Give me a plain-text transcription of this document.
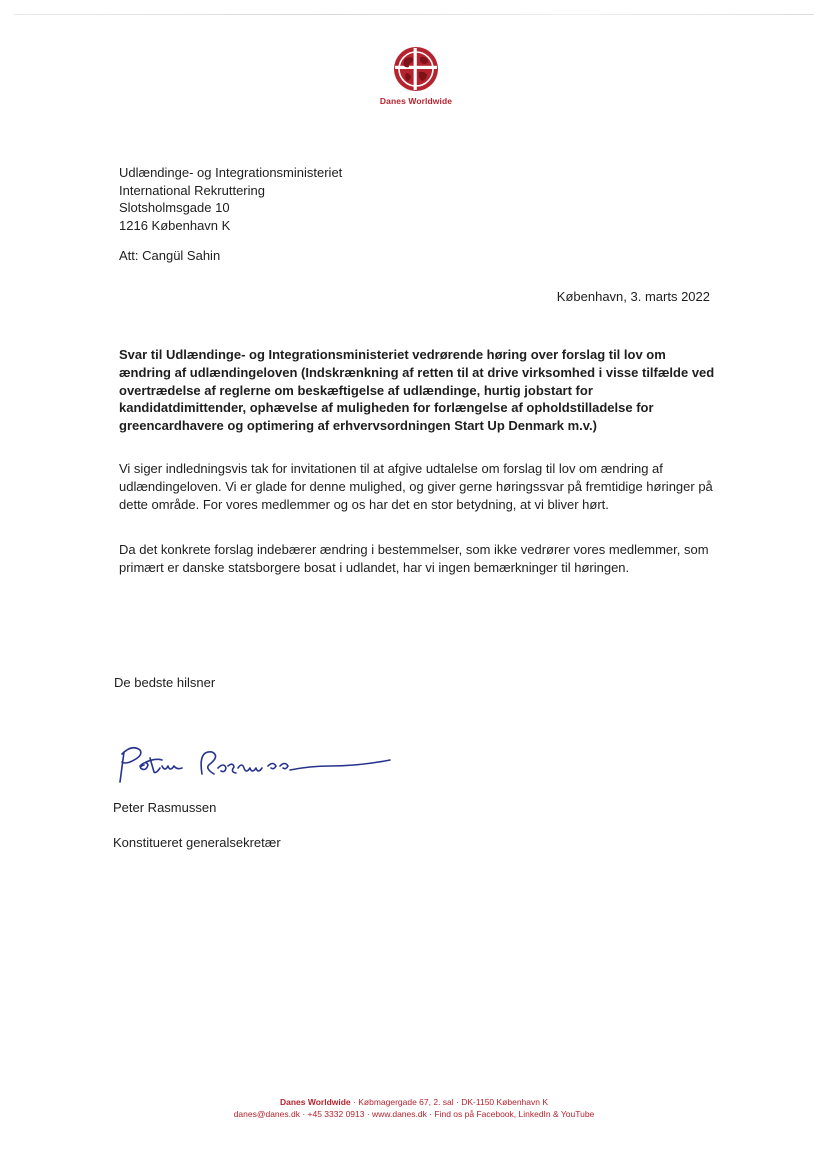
Danes Worldwide
Udlændinge- og Integrationsministeriet
International Rekruttering
Slotsholmsgade 10
1216 København K
Att: Cangül Sahin
København, 3. marts 2022
Svar til Udlændinge- og Integrationsministeriet vedrørende høring over forslag til lov om ændring af udlændingeloven (Indskrænkning af retten til at drive virksomhed i visse tilfælde ved overtrædelse af reglerne om beskæftigelse af udlændinge, hurtig jobstart for kandidatdimittender, ophævelse af muligheden for forlængelse af opholdstilladelse for greencardhavere og optimering af erhvervsordningen Start Up Denmark m.v.)
Vi siger indledningsvis tak for invitationen til at afgive udtalelse om forslag til lov om ændring af udlændingeloven. Vi er glade for denne mulighed, og giver gerne høringssvar på fremtidige høringer på dette område. For vores medlemmer og os har det en stor betydning, at vi bliver hørt.
Da det konkrete forslag indebærer ændring i bestemmelser, som ikke vedrører vores medlemmer, som primært er danske statsborgere bosat i udlandet, har vi ingen bemærkninger til høringen.
De bedste hilsner
Peter Rasmussen
Konstitueret generalsekretær
Danes Worldwide · Købmagergade 67, 2. sal · DK-1150 København K
danes@danes.dk · +45 3332 0913 · www.danes.dk · Find os på Facebook, LinkedIn & YouTube
